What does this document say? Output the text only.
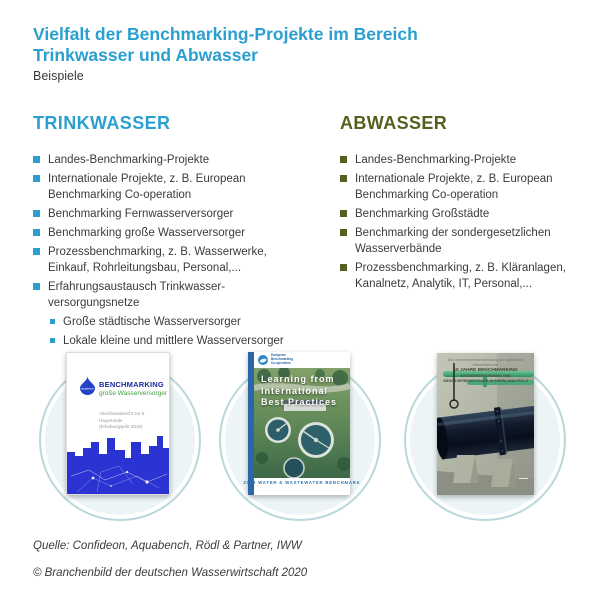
Vielfalt der Benchmarking-Projekte im Bereich
Trinkwasser und Abwasser
Beispiele
TRINKWASSER
Landes-Benchmarking-Projekte
Internationale Projekte, z. B. European
Benchmarking Co-operation
Benchmarking Fernwasserversorger
Benchmarking große Wasserversorger
Prozessbenchmarking, z. B. Wasserwerke,
Einkauf, Rohrleitungsbau, Personal,...
Erfahrungsaustausch Trinkwasser-
versorgungsnetze
Große städtische Wasserversorger
Lokale kleine und mittlere Wasserversorger
ABWASSER
Landes-Benchmarking-Projekte
Internationale Projekte, z. B. European
Benchmarking Co-operation
Benchmarking Großstädte
Benchmarking der sondergesetzlichen
Wasserverbände
Prozessbenchmarking, z. B. Kläranlagen,
Kanalnetz, Analytik, IT, Personal,...
aquabench BENCHMARKING
große Wasserversorger
Abschlussbericht zur 5. Hauptrunde
(Erhebungsjahr 2015)
European
Benchmarking
Co-operation
Learning from
International
Best Practices
2018 WATER & WASTEWATER BENCHMARK
Das Unternehmensbenchmarking der bayerischen Wasserwirtschaft
10 JAHRE BENCHMARKING
WASSERVERSORGUNG UND ABWASSERBESEITIGUNG IN RHEINLAND-PFALZ
Quelle: Confideon, Aquabench, Rödl & Partner, IWW
© Branchenbild der deutschen Wasserwirtschaft 2020
